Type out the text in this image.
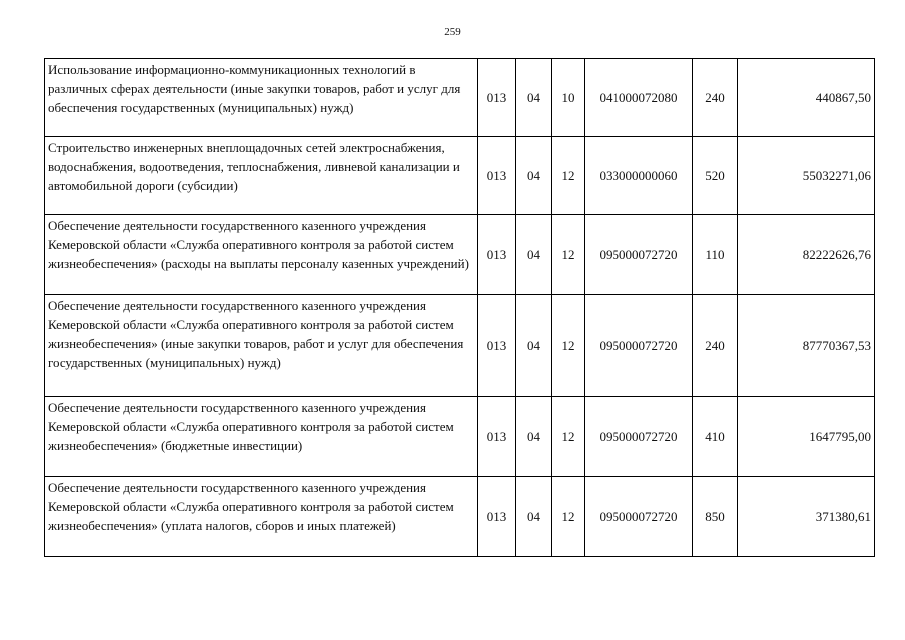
259
Использование информационно-коммуникационных технологий в различных сферах деятельности (иные закупки товаров, работ и услуг для обеспечения государственных (муниципальных) нужд)	013	04	10	041000072080	240	440867,50
Строительство инженерных внеплощадочных сетей электроснабжения, водоснабжения, водоотведения, теплоснабжения, ливневой канализации и автомобильной дороги (субсидии)	013	04	12	033000000060	520	55032271,06
Обеспечение деятельности государственного казенного учреждения Кемеровской области «Служба оперативного контроля за работой систем жизнеобеспечения» (расходы на выплаты персоналу казенных учреждений)	013	04	12	095000072720	110	82222626,76
Обеспечение деятельности государственного казенного учреждения Кемеровской области «Служба оперативного контроля за работой систем жизнеобеспечения» (иные закупки товаров, работ и услуг для обеспечения государственных (муниципальных) нужд)	013	04	12	095000072720	240	87770367,53
Обеспечение деятельности государственного казенного учреждения Кемеровской области «Служба оперативного контроля за работой систем жизнеобеспечения» (бюджетные инвестиции)	013	04	12	095000072720	410	1647795,00
Обеспечение деятельности государственного казенного учреждения Кемеровской области «Служба оперативного контроля за работой систем жизнеобеспечения» (уплата налогов, сборов и иных платежей)	013	04	12	095000072720	850	371380,61
